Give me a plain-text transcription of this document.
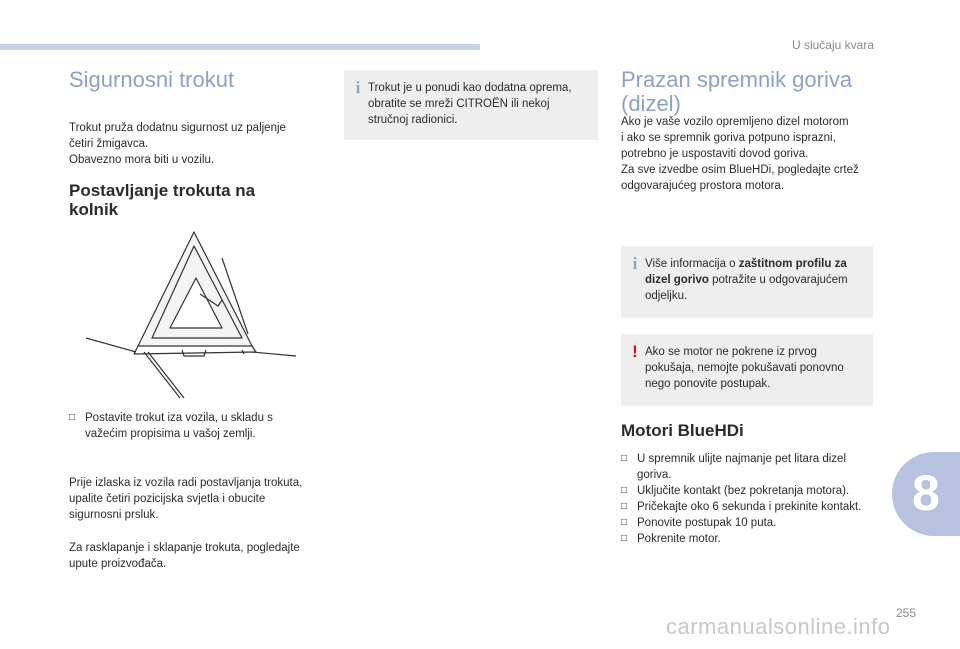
U slučaju kvara
Sigurnosni trokut

Trokut pruža dodatnu sigurnost uz paljenje
četiri žmigavca.
Obavezno mora biti u vozilu.

Postavljanje trokuta na
kolnik
□ Postavite trokut iza vozila, u skladu s važećim propisima u vašoj zemlji.

Prije izlaska iz vozila radi postavljanja trokuta,
upalite četiri pozicijska svjetla i obucite
sigurnosni prsluk.

Za rasklapanje i sklapanje trokuta, pogledajte
upute proizvođača.

i Trokut je u ponudi kao dodatna oprema, obratite se mreži CITROËN ili nekoj stručnoj radionici.
Prazan spremnik goriva
(dizel)

Ako je vaše vozilo opremljeno dizel motorom
i ako se spremnik goriva potpuno isprazni,
potrebno je uspostaviti dovod goriva.
Za sve izvedbe osim BlueHDi, pogledajte crtež
odgovarajućeg prostora motora.

i Više informacija o zaštitnom profilu za dizel gorivo potražite u odgovarajućem odjeljku.
! Ako se motor ne pokrene iz prvog pokušaja, nemojte pokušavati ponovno nego ponovite postupak.
Motori BlueHDi
□ U spremnik ulijte najmanje pet litara dizel goriva.
□ Uključite kontakt (bez pokretanja motora).
□ Pričekajte oko 6 sekunda i prekinite kontakt.
□ Ponovite postupak 10 puta.
□ Pokrenite motor.
8
255
carmanualsonline.info
